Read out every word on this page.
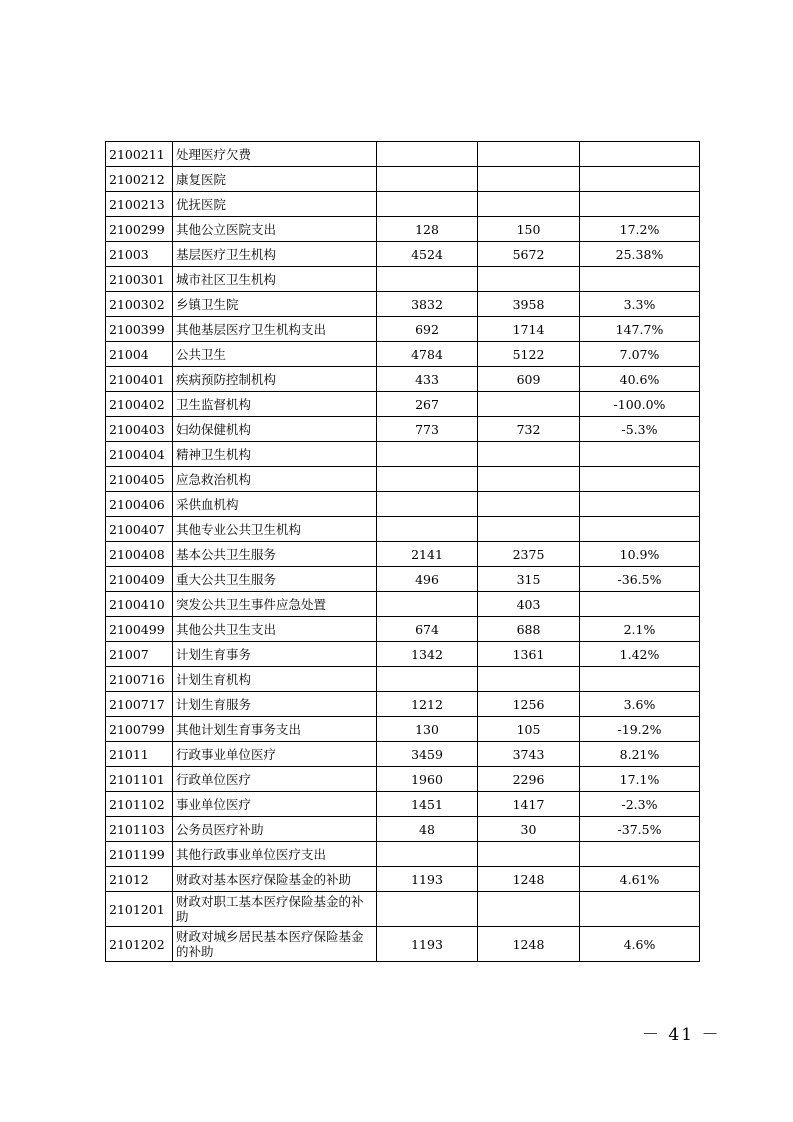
2100211	处理医疗欠费			
2100212	康复医院			
2100213	优抚医院			
2100299	其他公立医院支出	128	150	17.2%
21003	基层医疗卫生机构	4524	5672	25.38%
2100301	城市社区卫生机构			
2100302	乡镇卫生院	3832	3958	3.3%
2100399	其他基层医疗卫生机构支出	692	1714	147.7%
21004	公共卫生	4784	5122	7.07%
2100401	疾病预防控制机构	433	609	40.6%
2100402	卫生监督机构	267		-100.0%
2100403	妇幼保健机构	773	732	-5.3%
2100404	精神卫生机构			
2100405	应急救治机构			
2100406	采供血机构			
2100407	其他专业公共卫生机构			
2100408	基本公共卫生服务	2141	2375	10.9%
2100409	重大公共卫生服务	496	315	-36.5%
2100410	突发公共卫生事件应急处置		403	
2100499	其他公共卫生支出	674	688	2.1%
21007	计划生育事务	1342	1361	1.42%
2100716	计划生育机构			
2100717	计划生育服务	1212	1256	3.6%
2100799	其他计划生育事务支出	130	105	-19.2%
21011	行政事业单位医疗	3459	3743	8.21%
2101101	行政单位医疗	1960	2296	17.1%
2101102	事业单位医疗	1451	1417	-2.3%
2101103	公务员医疗补助	48	30	-37.5%
2101199	其他行政事业单位医疗支出			
21012	财政对基本医疗保险基金的补助	1193	1248	4.61%
2101201	财政对职工基本医疗保险基金的补助			
2101202	财政对城乡居民基本医疗保险基金的补助	1193	1248	4.6%
－ 41 －
